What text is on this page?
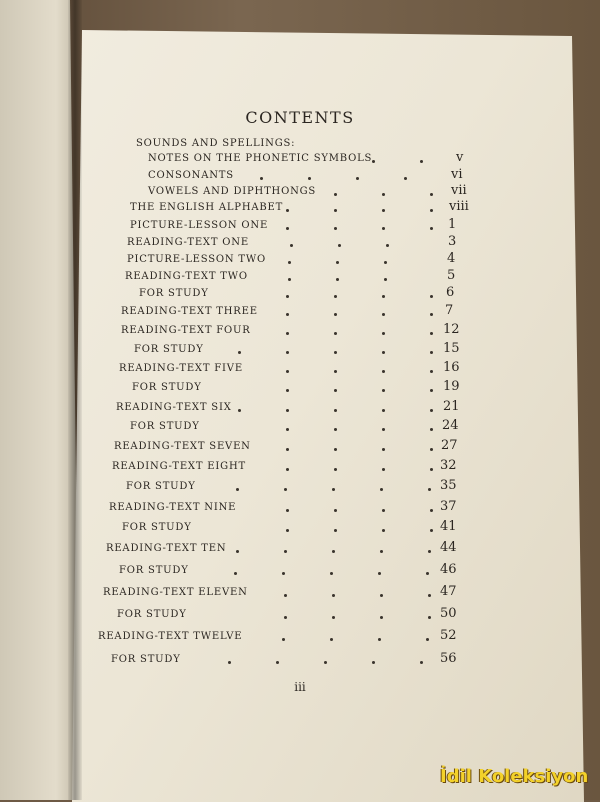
CONTENTS
SOUNDS AND SPELLINGS:
NOTES ON THE PHONETIC SYMBOLS	v
CONSONANTS	vi
VOWELS AND DIPHTHONGS	vii
THE ENGLISH ALPHABET	viii
PICTURE-LESSON ONE	1
READING-TEXT ONE	3
PICTURE-LESSON TWO	4
READING-TEXT TWO	5
FOR STUDY	6
READING-TEXT THREE	7
READING-TEXT FOUR	12
FOR STUDY	15
READING-TEXT FIVE	16
FOR STUDY	19
READING-TEXT SIX	21
FOR STUDY	24
READING-TEXT SEVEN	27
READING-TEXT EIGHT	32
FOR STUDY	35
READING-TEXT NINE	37
FOR STUDY	41
READING-TEXT TEN	44
FOR STUDY	46
READING-TEXT ELEVEN	47
FOR STUDY	50
READING-TEXT TWELVE	52
FOR STUDY	56
iii
İdil Koleksiyon
